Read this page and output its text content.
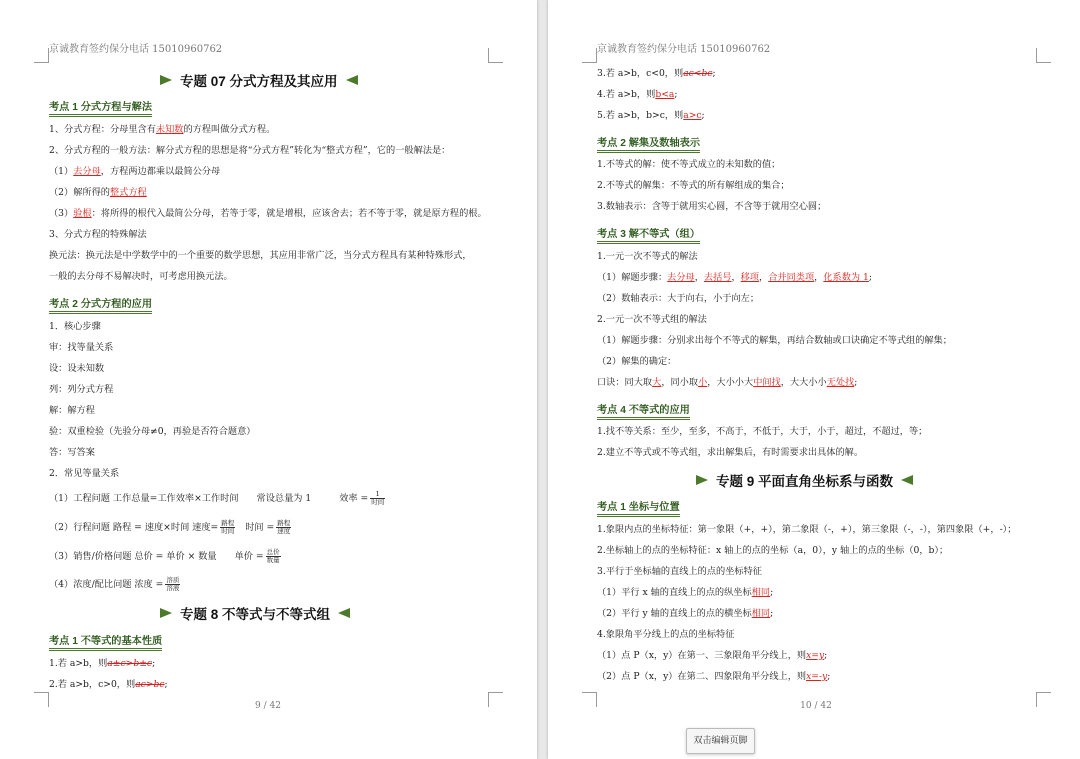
京诚教育签约保分电话 15010960762
专题 07 分式方程及其应用
考点 1 分式方程与解法
1、分式方程：分母里含有未知数的方程叫做分式方程。
2、分式方程的一般方法：解分式方程的思想是将“分式方程”转化为“整式方程”，它的一般解法是：
（1）去分母，方程两边都乘以最简公分母
（2）解所得的整式方程
（3）验根：将所得的根代入最简公分母，若等于零，就是增根，应该舍去；若不等于零，就是原方程的根。
3、分式方程的特殊解法
换元法：换元法是中学数学中的一个重要的数学思想，其应用非常广泛，当分式方程具有某种特殊形式，
一般的去分母不易解决时，可考虑用换元法。
考点 2 分式方程的应用
1．核心步骤
审：找等量关系
设：设未知数
列：列分式方程
解：解方程
验：双重检验（先验分母≠0，再验是否符合题意）
答：写答案
2．常见等量关系
（1）工程问题 工作总量=工作效率×工作时间 常设总量为 1	效率 = $\frac{1}{\text{时间}}$
（2）行程问题 路程 = 速度×时间 速度= $\frac{\text{路程}}{\text{时间}}$ 时间 = $\frac{\text{路程}}{\text{速度}}$
（3）销售/价格问题 总价 = 单价 × 数量 单价 = $\frac{\text{总价}}{\text{数量}}$
（4）浓度/配比问题 浓度 = $\frac{\text{溶质}}{\text{溶液}}$
专题 8 不等式与不等式组
考点 1 不等式的基本性质
1.若 a>b，则a±c>b±c;
2.若 a>b，c>0，则ac>bc;
9 / 42
京诚教育签约保分电话 15010960762
3.若 a>b，c<0，则ac<bc;
4.若 a>b，则b<a;
5.若 a>b，b>c，则a>c;
考点 2 解集及数轴表示
1.不等式的解：使不等式成立的未知数的值；
2.不等式的解集：不等式的所有解组成的集合；
3.数轴表示：含等于就用实心圆，不含等于就用空心圆；
考点 3 解不等式（组）
1.一元一次不等式的解法
（1）解题步骤：去分母，去括号，移项，合并同类项，化系数为 1;
（2）数轴表示：大于向右，小于向左；
2.一元一次不等式组的解法
（1）解题步骤：分别求出每个不等式的解集，再结合数轴或口诀确定不等式组的解集；
（2）解集的确定：
口诀：同大取大，同小取小，大小小大中间找，大大小小无处找;
考点 4 不等式的应用
1.找不等关系：至少，至多，不高于，不低于，大于，小于，超过，不超过，等；
2.建立不等式或不等式组，求出解集后，有时需要求出具体的解。
专题 9 平面直角坐标系与函数
考点 1 坐标与位置
1.象限内点的坐标特征：第一象限（+，+），第二象限（-，+），第三象限（-，-），第四象限（+，-）；
2.坐标轴上的点的坐标特征：x 轴上的点的坐标（a，0），y 轴上的点的坐标（0，b）；
3.平行于坐标轴的直线上的点的坐标特征
（1）平行 x 轴的直线上的点的纵坐标相同;
（2）平行 y 轴的直线上的点的横坐标相同;
4.象限角平分线上的点的坐标特征
（1）点 P（x，y）在第一、三象限角平分线上，则x=y;
（2）点 P（x，y）在第二、四象限角平分线上，则x=-y;
10 / 42
双击编辑页脚
